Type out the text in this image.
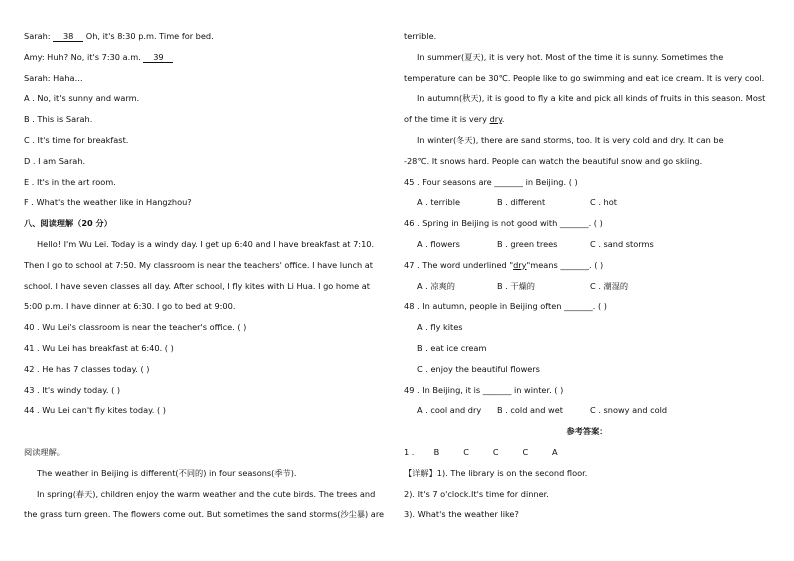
Sarah: 38 Oh, it's 8:30 p.m. Time for bed.
Amy: Huh? No, it's 7:30 a.m. 39
Sarah: Haha…
A . No, it's sunny and warm.
B . This is Sarah.
C . It's time for breakfast.
D . I am Sarah.
E . It's in the art room.
F . What's the weather like in Hangzhou?
八、阅读理解（20 分）
Hello! I'm Wu Lei. Today is a windy day. I get up 6:40 and I have breakfast at 7:10.
Then I go to school at 7:50. My classroom is near the teachers' office. I have lunch at
school. I have seven classes all day. After school, I fly kites with Li Hua. I go home at
5:00 p.m. I have dinner at 6:30. I go to bed at 9:00.
40 . Wu Lei's classroom is near the teacher's office. ( )
41 . Wu Lei has breakfast at 6:40. ( )
42 . He has 7 classes today. ( )
43 . It's windy today. ( )
44 . Wu Lei can't fly kites today. ( )
阅读理解。
The weather in Beijing is different(不同的) in four seasons(季节).
In spring(春天), children enjoy the warm weather and the cute birds. The trees and
the grass turn green. The flowers come out. But sometimes the sand storms(沙尘暴) are
terrible.
In summer(夏天), it is very hot. Most of the time it is sunny. Sometimes the
temperature can be 30℃. People like to go swimming and eat ice cream. It is very cool.
In autumn(秋天), it is good to fly a kite and pick all kinds of fruits in this season. Most
of the time it is very dry.
In winter(冬天), there are sand storms, too. It is very cold and dry. It can be
-28℃. It snows hard. People can watch the beautiful snow and go skiing.
45 . Four seasons are _______ in Beijing. ( )
A . terrible	B . different	C . hot
46 . Spring in Beijing is not good with _______. ( )
A . flowers	B . green trees	C . sand storms
47 . The word underlined "dry"means _______. ( )
A . 凉爽的	B . 干燥的	C . 潮湿的
48 . In autumn, people in Beijing often _______. ( )
A . fly kites
B . eat ice cream
C . enjoy the beautiful flowers
49 . In Beijing, it is _______ in winter. ( )
A . cool and dry	B . cold and wet	C . snowy and cold
参考答案：
1 . B	C	C	C	A
【详解】1). The library is on the second floor.
2). It's 7 o'clock.It's time for dinner.
3). What's the weather like?
